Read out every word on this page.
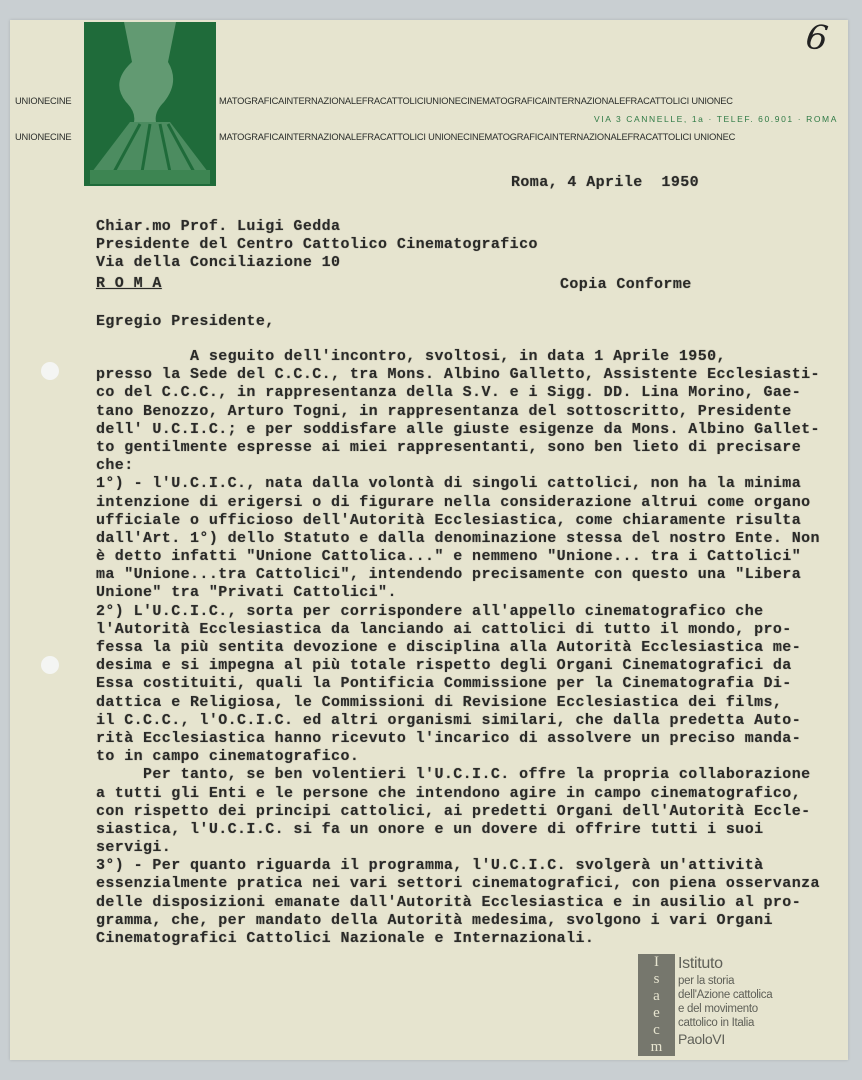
UNIONECINE	MATOGRAFICAINTERNAZIONALEFRACATTOLICIUNIONECINEMATOGRAFICAINTERNAZIONALEFRACATTOLICI UNIONEC
UNIONECINE	MATOGRAFICAINTERNAZIONALEFRACATTOLICI UNIONECINEMATOGRAFICAINTERNAZIONALEFRACATTOLICI UNIONEC
VIA 3 CANNELLE, 1a · TELEF. 60.901 · ROMA
6
Roma, 4 Aprile  1950
Chiar.mo Prof. Luigi Gedda
Presidente del Centro Cattolico Cinematografico
Via della Conciliazione 10
R O M A	Copia Conforme
Egregio Presidente,
A seguito dell'incontro, svoltosi, in data 1 Aprile 1950,
presso la Sede del C.C.C., tra Mons. Albino Galletto, Assistente Ecclesiasti-
co del C.C.C., in rappresentanza della S.V. e i Sigg. DD. Lina Morino, Gae-
tano Benozzo, Arturo Togni, in rappresentanza del sottoscritto, Presidente
dell' U.C.I.C.; e per soddisfare alle giuste esigenze da Mons. Albino Gallet-
to gentilmente espresse ai miei rappresentanti, sono ben lieto di precisare
che:
1°) - l'U.C.I.C., nata dalla volontà di singoli cattolici, non ha la minima
intenzione di erigersi o di figurare nella considerazione altrui come organo
ufficiale o ufficioso dell'Autorità Ecclesiastica, come chiaramente risulta
dall'Art. 1°) dello Statuto e dalla denominazione stessa del nostro Ente. Non
è detto infatti "Unione Cattolica..." e nemmeno "Unione... tra i Cattolici"
ma "Unione...tra Cattolici", intendendo precisamente con questo una "Libera
Unione" tra "Privati Cattolici".
2°) L'U.C.I.C., sorta per corrispondere all'appello cinematografico che
l'Autorità Ecclesiastica da lanciando ai cattolici di tutto il mondo, pro-
fessa la più sentita devozione e disciplina alla Autorità Ecclesiastica me-
desima e si impegna al più totale rispetto degli Organi Cinematografici da
Essa costituiti, quali la Pontificia Commissione per la Cinematografia Di-
dattica e Religiosa, le Commissioni di Revisione Ecclesiastica dei films,
il C.C.C., l'O.C.I.C. ed altri organismi similari, che dalla predetta Auto-
rità Ecclesiastica hanno ricevuto l'incarico di assolvere un preciso manda-
to in campo cinematografico.
Per tanto, se ben volentieri l'U.C.I.C. offre la propria collaborazione
a tutti gli Enti e le persone che intendono agire in campo cinematografico,
con rispetto dei principi cattolici, ai predetti Organi dell'Autorità Eccle-
siastica, l'U.C.I.C. si fa un onore e un dovere di offrire tutti i suoi
servigi.
3°) - Per quanto riguarda il programma, l'U.C.I.C. svolgerà un'attività
essenzialmente pratica nei vari settori cinematografici, con piena osservanza
delle disposizioni emanate dall'Autorità Ecclesiastica e in ausilio al pro-
gramma, che, per mandato della Autorità medesima, svolgono i vari Organi
Cinematografici Cattolici Nazionale e Internazionali.
I
s
a
e
c
m
Istituto
per la storia
dell'Azione cattolica
e del movimento
cattolico in Italia
PaoloVI
